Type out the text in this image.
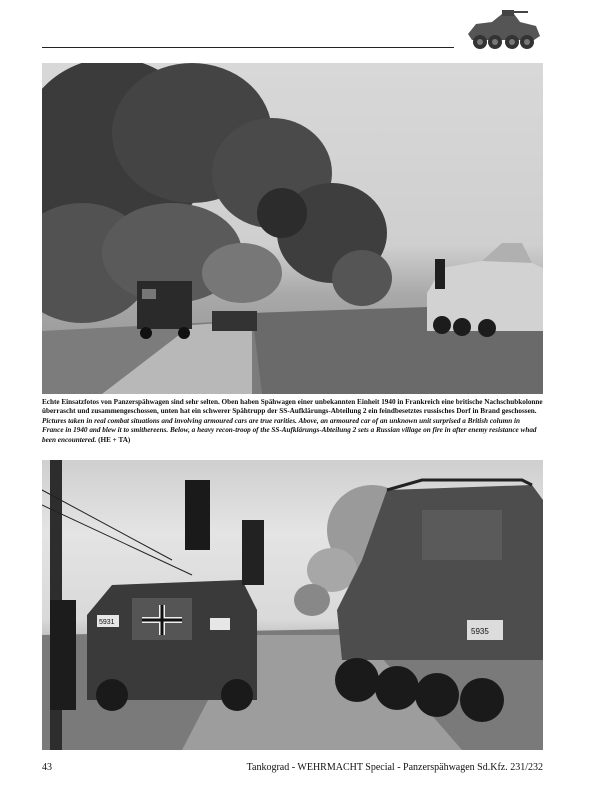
Echte Einsatzfotos von Panzerspähwagen sind sehr selten. Oben haben Spähwagen einer unbekannten Einheit 1940 in Frankreich eine britische Nachschubkolonne überrascht und zusammengeschossen, unten hat ein schwerer Spähtrupp der SS-Aufklärungs-Abteilung 2 ein feindbesetztes russisches Dorf in Brand geschossen.

Pictures taken in real combat situations and involving armoured cars are true rarities. Above, an armoured car of an unknown unit surprised a British column in France in 1940 and blew it to smithereens. Below, a heavy recon-troop of the SS-Aufklärungs-Abteilung 2 sets a Russian village on fire in after enemy resistance whad been encountered. (HE + TA)

5931
5935
43	Tankograd - WEHRMACHT Special - Panzerspähwagen Sd.Kfz. 231/232
